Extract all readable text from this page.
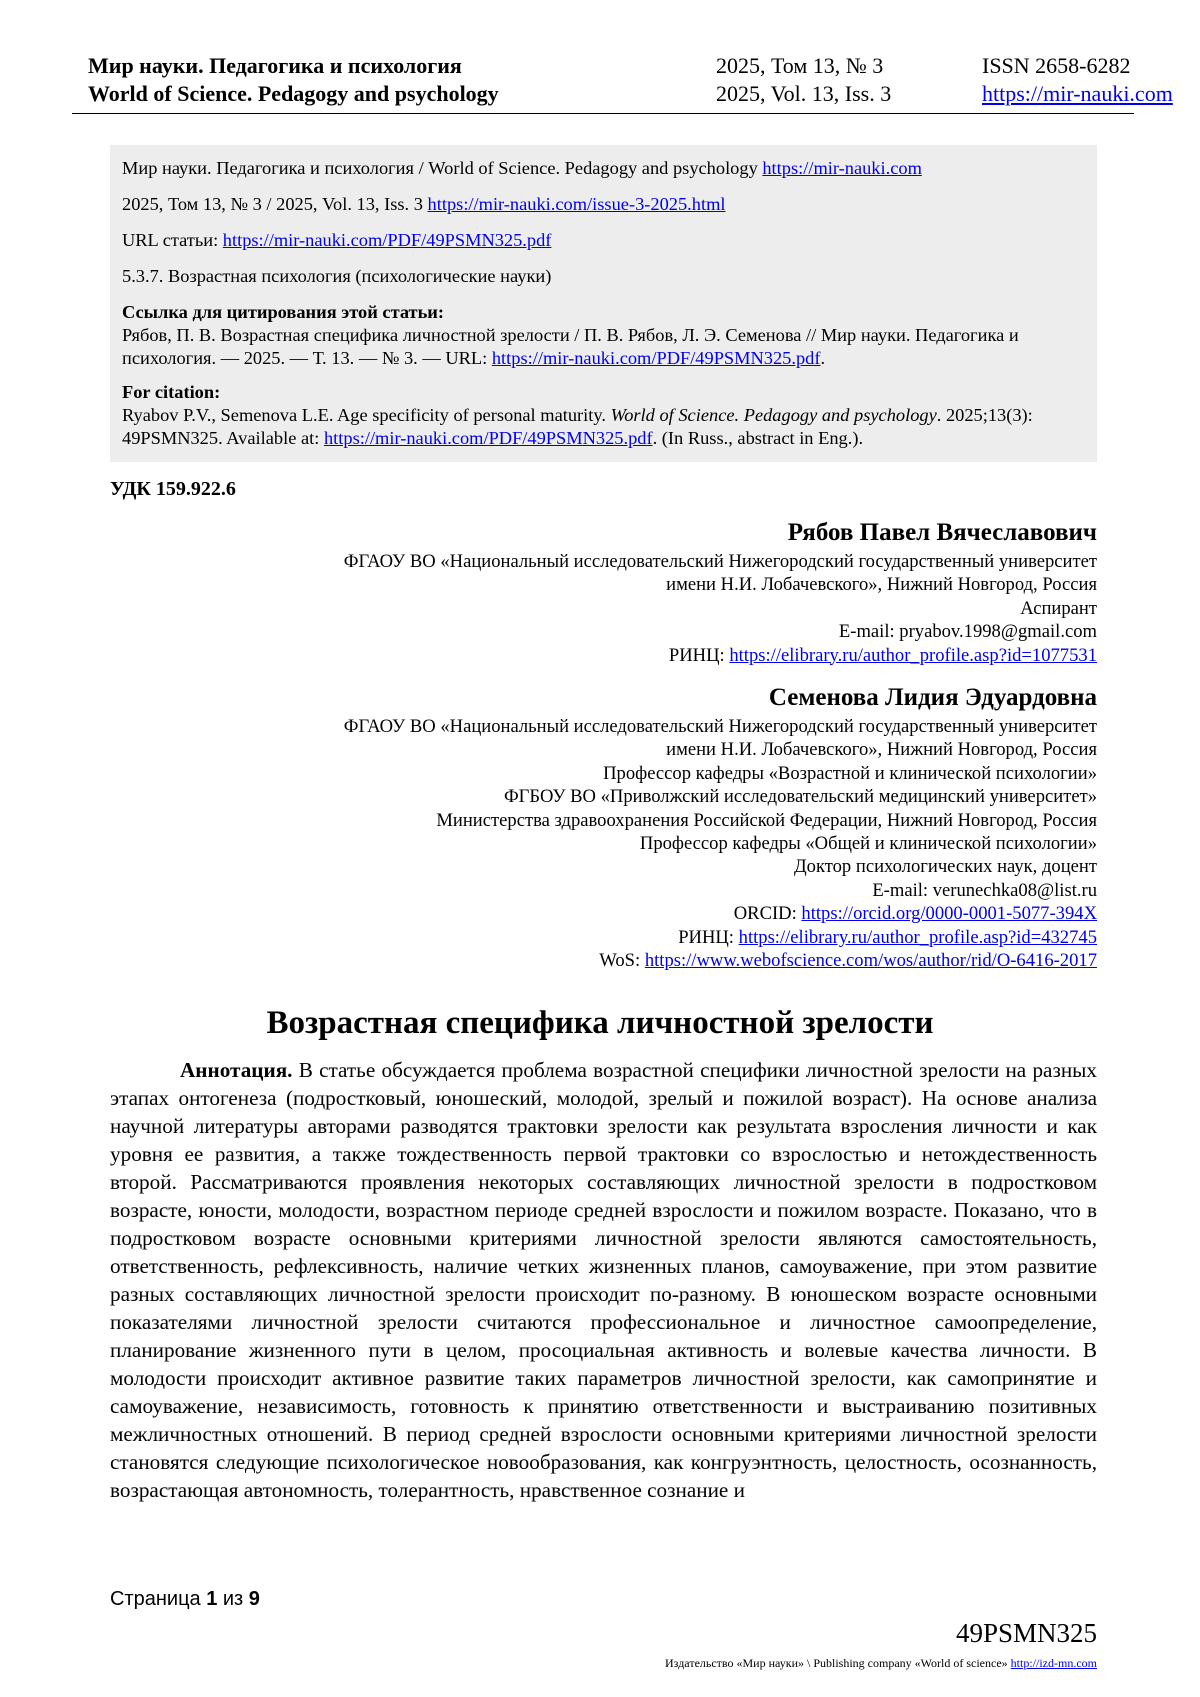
Мир науки. Педагогика и психология
World of Science. Pedagogy and psychology
2025, Том 13, № 3
2025, Vol. 13, Iss. 3
ISSN 2658-6282
https://mir-nauki.com

Мир науки. Педагогика и психология / World of Science. Pedagogy and psychology https://mir-nauki.com

2025, Том 13, № 3 / 2025, Vol. 13, Iss. 3 https://mir-nauki.com/issue-3-2025.html

URL статьи: https://mir-nauki.com/PDF/49PSMN325.pdf

5.3.7. Возрастная психология (психологические науки)

Ссылка для цитирования этой статьи:
Рябов, П. В. Возрастная специфика личностной зрелости / П. В. Рябов, Л. Э. Семенова // Мир науки. Педагогика и психология. — 2025. — Т. 13. — № 3. — URL: https://mir-nauki.com/PDF/49PSMN325.pdf.
For citation:
Ryabov P.V., Semenova L.E. Age specificity of personal maturity. World of Science. Pedagogy and psychology. 2025;13(3): 49PSMN325. Available at: https://mir-nauki.com/PDF/49PSMN325.pdf. (In Russ., abstract in Eng.).
УДК 159.922.6
Рябов Павел Вячеславович
ФГАОУ ВО «Национальный исследовательский Нижегородский государственный университет
имени Н.И. Лобачевского», Нижний Новгород, Россия
Аспирант
E-mail: pryabov.1998@gmail.com
РИНЦ: https://elibrary.ru/author_profile.asp?id=1077531
Семенова Лидия Эдуардовна
ФГАОУ ВО «Национальный исследовательский Нижегородский государственный университет
имени Н.И. Лобачевского», Нижний Новгород, Россия
Профессор кафедры «Возрастной и клинической психологии»
ФГБОУ ВО «Приволжский исследовательский медицинский университет»
Министерства здравоохранения Российской Федерации, Нижний Новгород, Россия
Профессор кафедры «Общей и клинической психологии»
Доктор психологических наук, доцент
E-mail: verunechka08@list.ru
ORCID: https://orcid.org/0000-0001-5077-394X
РИНЦ: https://elibrary.ru/author_profile.asp?id=432745
WoS: https://www.webofscience.com/wos/author/rid/O-6416-2017
Возрастная специфика личностной зрелости

Аннотация. В статье обсуждается проблема возрастной специфики личностной зрелости на разных этапах онтогенеза (подростковый, юношеский, молодой, зрелый и пожилой возраст). На основе анализа научной литературы авторами разводятся трактовки зрелости как результата взросления личности и как уровня ее развития, а также тождественность первой трактовки со взрослостью и нетождественность второй. Рассматриваются проявления некоторых составляющих личностной зрелости в подростковом возрасте, юности, молодости, возрастном периоде средней взрослости и пожилом возрасте. Показано, что в подростковом возрасте основными критериями личностной зрелости являются самостоятельность, ответственность, рефлексивность, наличие четких жизненных планов, самоуважение, при этом развитие разных составляющих личностной зрелости происходит по-разному. В юношеском возрасте основными показателями личностной зрелости считаются профессиональное и личностное самоопределение, планирование жизненного пути в целом, просоциальная активность и волевые качества личности. В молодости происходит активное развитие таких параметров личностной зрелости, как самопринятие и самоуважение, независимость, готовность к принятию ответственности и выстраиванию позитивных межличностных отношений. В период средней взрослости основными критериями личностной зрелости становятся следующие психологическое новообразования, как конгруэнтность, целостность, осознанность, возрастающая автономность, толерантность, нравственное сознание и

Страница 1 из 9
49PSMN325
Издательство «Мир науки» \ Publishing company «World of science» http://izd-mn.com
